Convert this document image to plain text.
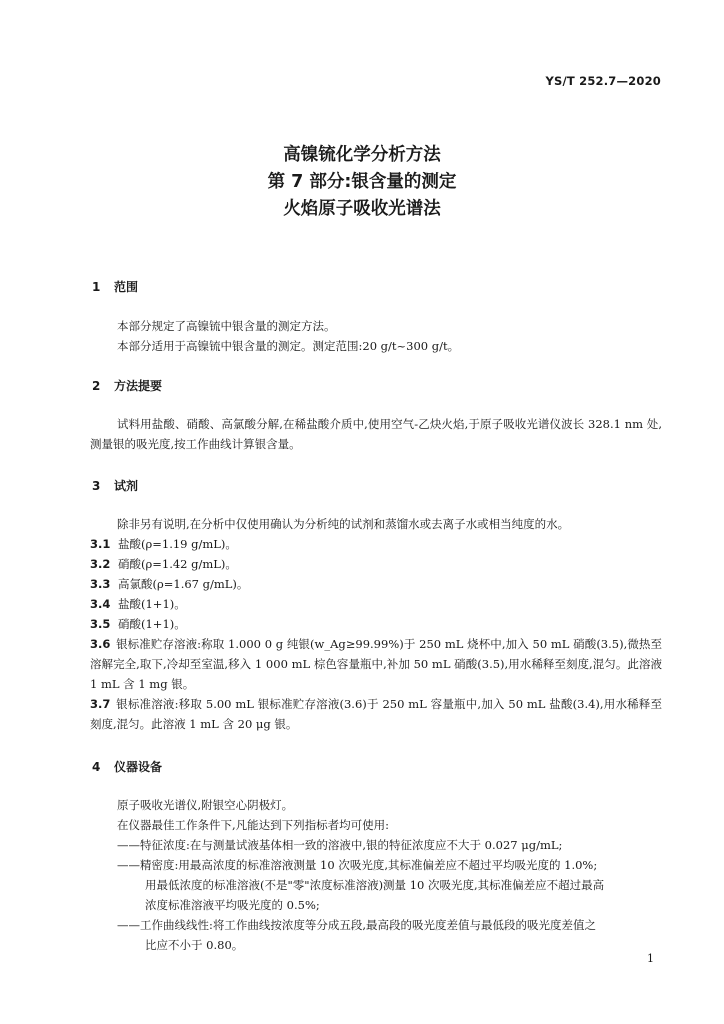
YS/T 252.7—2020
高镍锍化学分析方法
第 7 部分:银含量的测定
火焰原子吸收光谱法
1 范围
本部分规定了高镍锍中银含量的测定方法。
本部分适用于高镍锍中银含量的测定。测定范围:20 g/t~300 g/t。
2 方法提要
试料用盐酸、硝酸、高氯酸分解,在稀盐酸介质中,使用空气-乙炔火焰,于原子吸收光谱仪波长 328.1 nm 处,测量银的吸光度,按工作曲线计算银含量。
3 试剂
除非另有说明,在分析中仅使用确认为分析纯的试剂和蒸馏水或去离子水或相当纯度的水。
3.1 盐酸(ρ=1.19 g/mL)。
3.2 硝酸(ρ=1.42 g/mL)。
3.3 高氯酸(ρ=1.67 g/mL)。
3.4 盐酸(1+1)。
3.5 硝酸(1+1)。
3.6 银标准贮存溶液:称取 1.000 0 g 纯银(w_Ag≥99.99%)于 250 mL 烧杯中,加入 50 mL 硝酸(3.5),微热至溶解完全,取下,冷却至室温,移入 1 000 mL 棕色容量瓶中,补加 50 mL 硝酸(3.5),用水稀释至刻度,混匀。此溶液 1 mL 含 1 mg 银。
3.7 银标准溶液:移取 5.00 mL 银标准贮存溶液(3.6)于 250 mL 容量瓶中,加入 50 mL 盐酸(3.4),用水稀释至刻度,混匀。此溶液 1 mL 含 20 μg 银。
4 仪器设备
原子吸收光谱仪,附银空心阴极灯。
在仪器最佳工作条件下,凡能达到下列指标者均可使用:
——特征浓度:在与测量试液基体相一致的溶液中,银的特征浓度应不大于 0.027 μg/mL;
——精密度:用最高浓度的标准溶液测量 10 次吸光度,其标准偏差应不超过平均吸光度的 1.0%;
用最低浓度的标准溶液(不是"零"浓度标准溶液)测量 10 次吸光度,其标准偏差应不超过最高
浓度标准溶液平均吸光度的 0.5%;
——工作曲线线性:将工作曲线按浓度等分成五段,最高段的吸光度差值与最低段的吸光度差值之
比应不小于 0.80。
1
